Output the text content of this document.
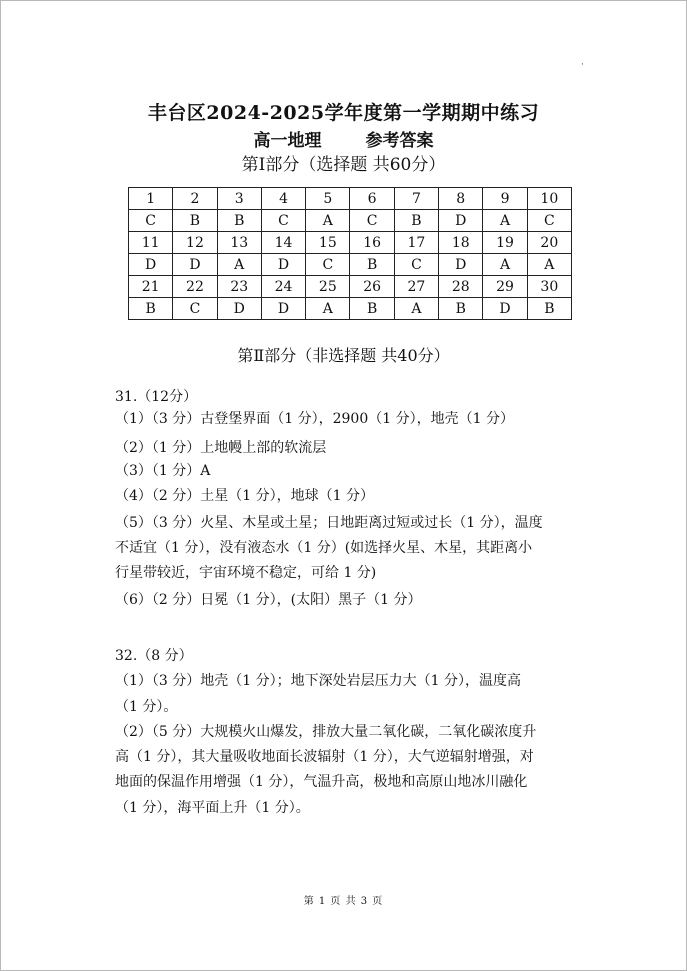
·
丰台区2024-2025学年度第一学期期中练习
高一地理	参考答案
第Ⅰ部分（选择题 共60分）
1	2	3	4	5	6	7	8	9	10
C	B	B	C	A	C	B	D	A	C
11	12	13	14	15	16	17	18	19	20
D	D	A	D	C	B	C	D	A	A
21	22	23	24	25	26	27	28	29	30
B	C	D	D	A	B	A	B	D	B
第Ⅱ部分（非选择题 共40分）
31.（12分）
（1）（3 分）古登堡界面（1 分），2900（1 分），地壳（1 分）
（2）（1 分）上地幔上部的软流层
（3）（1 分）A
（4）（2 分）土星（1 分），地球（1 分）
（5）（3 分）火星、木星或土星；日地距离过短或过长（1 分），温度
不适宜（1 分），没有液态水（1 分）(如选择火星、木星，其距离小
行星带较近，宇宙环境不稳定，可给 1 分)
（6）（2 分）日冕（1 分），(太阳）黑子（1 分）
32.（8 分）
（1）（3 分）地壳（1 分）；地下深处岩层压力大（1 分），温度高
（1 分）。
（2）（5 分）大规模火山爆发，排放大量二氧化碳，二氧化碳浓度升
高（1 分），其大量吸收地面长波辐射（1 分），大气逆辐射增强，对
地面的保温作用增强（1 分），气温升高，极地和高原山地冰川融化
（1 分），海平面上升（1 分）。
第 1 页 共 3 页
